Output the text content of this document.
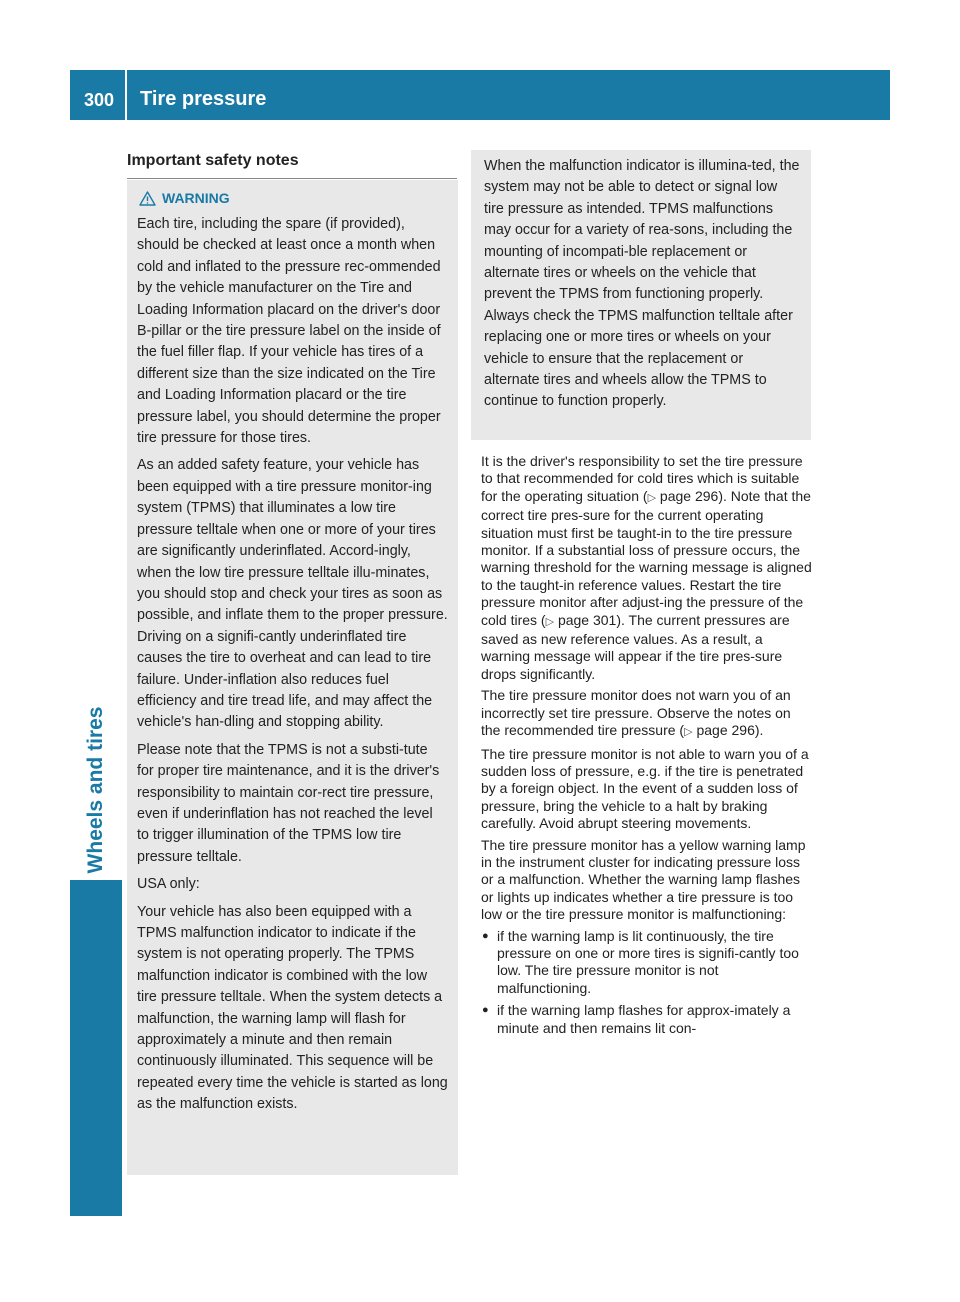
300 Tire pressure
Wheels and tires
Important safety notes
WARNING

Each tire, including the spare (if provided), should be checked at least once a month when cold and inflated to the pressure rec-ommended by the vehicle manufacturer on the Tire and Loading Information placard on the driver's door B-pillar or the tire pressure label on the inside of the fuel filler flap. If your vehicle has tires of a different size than the size indicated on the Tire and Loading Information placard or the tire pressure label, you should determine the proper tire pressure for those tires.

As an added safety feature, your vehicle has been equipped with a tire pressure monitor-ing system (TPMS) that illuminates a low tire pressure telltale when one or more of your tires are significantly underinflated. Accord-ingly, when the low tire pressure telltale illu-minates, you should stop and check your tires as soon as possible, and inflate them to the proper pressure. Driving on a signifi-cantly underinflated tire causes the tire to overheat and can lead to tire failure. Under-inflation also reduces fuel efficiency and tire tread life, and may affect the vehicle's han-dling and stopping ability.

Please note that the TPMS is not a substi-tute for proper tire maintenance, and it is the driver's responsibility to maintain cor-rect tire pressure, even if underinflation has not reached the level to trigger illumination of the TPMS low tire pressure telltale.

USA only:

Your vehicle has also been equipped with a TPMS malfunction indicator to indicate if the system is not operating properly. The TPMS malfunction indicator is combined with the low tire pressure telltale. When the system detects a malfunction, the warning lamp will flash for approximately a minute and then remain continuously illuminated. This sequence will be repeated every time the vehicle is started as long as the malfunction exists.

When the malfunction indicator is illumina-ted, the system may not be able to detect or signal low tire pressure as intended. TPMS malfunctions may occur for a variety of rea-sons, including the mounting of incompati-ble replacement or alternate tires or wheels on the vehicle that prevent the TPMS from functioning properly. Always check the TPMS malfunction telltale after replacing one or more tires or wheels on your vehicle to ensure that the replacement or alternate tires and wheels allow the TPMS to continue to function properly.

It is the driver's responsibility to set the tire pressure to that recommended for cold tires which is suitable for the operating situation (▷ page 296). Note that the correct tire pres-sure for the current operating situation must first be taught-in to the tire pressure monitor. If a substantial loss of pressure occurs, the warning threshold for the warning message is aligned to the taught-in reference values. Restart the tire pressure monitor after adjust-ing the pressure of the cold tires (▷ page 301). The current pressures are saved as new reference values. As a result, a warning message will appear if the tire pres-sure drops significantly.

The tire pressure monitor does not warn you of an incorrectly set tire pressure. Observe the notes on the recommended tire pressure (▷ page 296).

The tire pressure monitor is not able to warn you of a sudden loss of pressure, e.g. if the tire is penetrated by a foreign object. In the event of a sudden loss of pressure, bring the vehicle to a halt by braking carefully. Avoid abrupt steering movements.

The tire pressure monitor has a yellow warning lamp in the instrument cluster for indicating pressure loss or a malfunction. Whether the warning lamp flashes or lights up indicates whether a tire pressure is too low or the tire pressure monitor is malfunctioning:

● if the warning lamp is lit continuously, the tire pressure on one or more tires is signifi-cantly too low. The tire pressure monitor is not malfunctioning.
● if the warning lamp flashes for approx-imately a minute and then remains lit con-
